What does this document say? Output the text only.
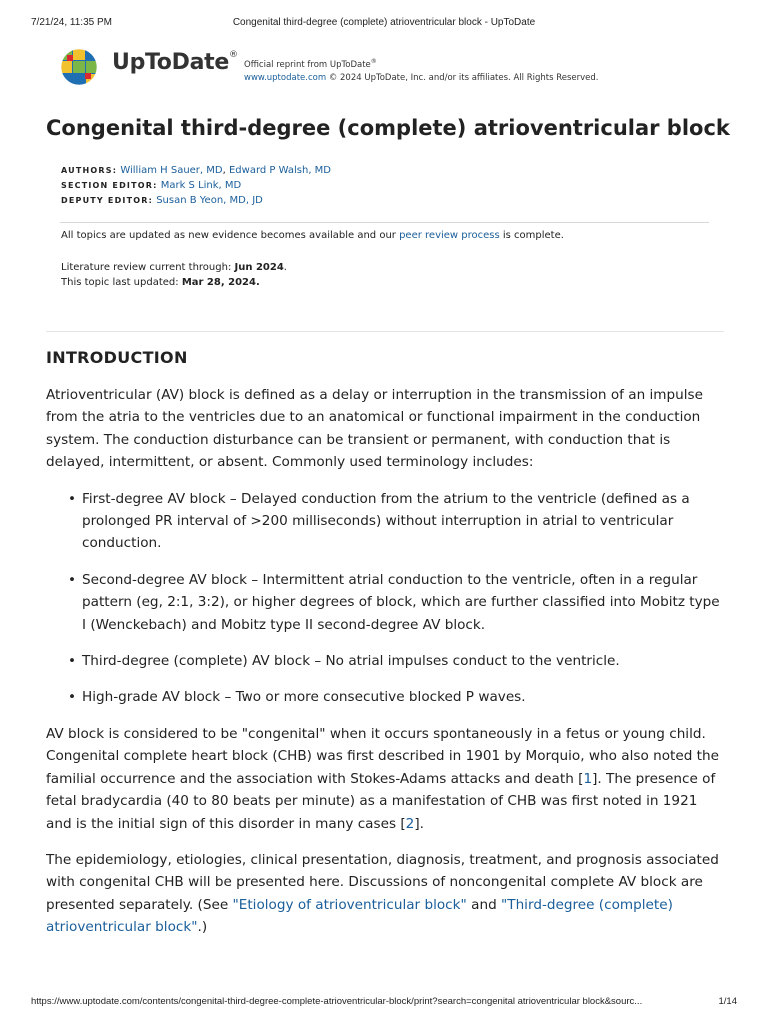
7/21/24, 11:35 PM	Congenital third-degree (complete) atrioventricular block - UpToDate
UpToDate®
Official reprint from UpToDate®
www.uptodate.com © 2024 UpToDate, Inc. and/or its affiliates. All Rights Reserved.
Congenital third-degree (complete) atrioventricular block
AUTHORS: William H Sauer, MD, Edward P Walsh, MD
SECTION EDITOR: Mark S Link, MD
DEPUTY EDITOR: Susan B Yeon, MD, JD
All topics are updated as new evidence becomes available and our peer review process is complete.
Literature review current through: Jun 2024.
This topic last updated: Mar 28, 2024.
INTRODUCTION

Atrioventricular (AV) block is defined as a delay or interruption in the transmission of an impulse from the atria to the ventricles due to an anatomical or functional impairment in the conduction system. The conduction disturbance can be transient or permanent, with conduction that is delayed, intermittent, or absent. Commonly used terminology includes:

• First-degree AV block – Delayed conduction from the atrium to the ventricle (defined as a prolonged PR interval of >200 milliseconds) without interruption in atrial to ventricular conduction.
• Second-degree AV block – Intermittent atrial conduction to the ventricle, often in a regular pattern (eg, 2:1, 3:2), or higher degrees of block, which are further classified into Mobitz type I (Wenckebach) and Mobitz type II second-degree AV block.
• Third-degree (complete) AV block – No atrial impulses conduct to the ventricle.
• High-grade AV block – Two or more consecutive blocked P waves.

AV block is considered to be "congenital" when it occurs spontaneously in a fetus or young child. Congenital complete heart block (CHB) was first described in 1901 by Morquio, who also noted the familial occurrence and the association with Stokes-Adams attacks and death [1]. The presence of fetal bradycardia (40 to 80 beats per minute) as a manifestation of CHB was first noted in 1921 and is the initial sign of this disorder in many cases [2].

The epidemiology, etiologies, clinical presentation, diagnosis, treatment, and prognosis associated with congenital CHB will be presented here. Discussions of noncongenital complete AV block are presented separately. (See "Etiology of atrioventricular block" and "Third-degree (complete) atrioventricular block".)

https://www.uptodate.com/contents/congenital-third-degree-complete-atrioventricular-block/print?search=congenital atrioventricular block&sourc...	1/14
